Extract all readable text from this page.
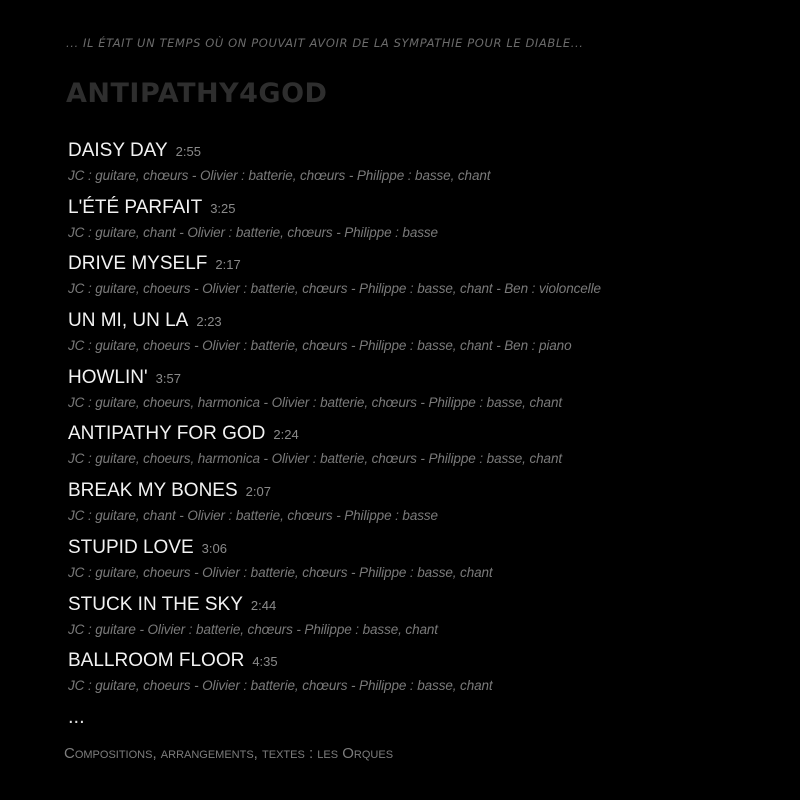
... IL ÉTAIT UN TEMPS OÙ ON POUVAIT AVOIR DE LA SYMPATHIE POUR LE DIABLE...
ANTIPATHY4GOD
DAISY DAY 2:55
JC : guitare, chœurs - Olivier : batterie, chœurs - Philippe : basse, chant
L'ÉTÉ PARFAIT 3:25
JC : guitare, chant - Olivier : batterie, chœurs - Philippe : basse
DRIVE MYSELF 2:17
JC : guitare, choeurs - Olivier : batterie, chœurs - Philippe : basse, chant - Ben : violoncelle
UN MI, UN LA 2:23
JC : guitare, choeurs - Olivier : batterie, chœurs - Philippe : basse, chant - Ben : piano
HOWLIN' 3:57
JC : guitare, choeurs, harmonica - Olivier : batterie, chœurs - Philippe : basse, chant
ANTIPATHY FOR GOD 2:24
JC : guitare, choeurs, harmonica - Olivier : batterie, chœurs - Philippe : basse, chant
BREAK MY BONES 2:07
JC : guitare, chant - Olivier : batterie, chœurs - Philippe : basse
STUPID LOVE 3:06
JC : guitare, choeurs - Olivier : batterie, chœurs - Philippe : basse, chant
STUCK IN THE SKY 2:44
JC : guitare - Olivier : batterie, chœurs - Philippe : basse, chant
BALLROOM FLOOR 4:35
JC : guitare, choeurs - Olivier : batterie, chœurs - Philippe : basse, chant
...
Compositions, arrangements, textes : les Orques
